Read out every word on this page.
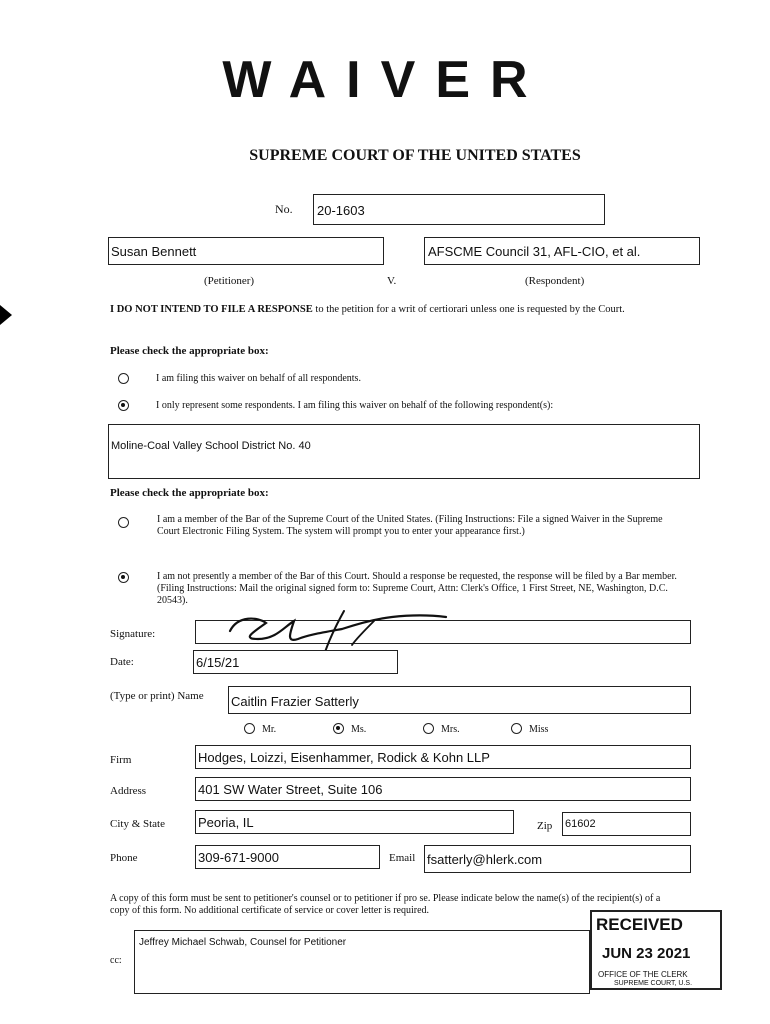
WAIVER
SUPREME COURT OF THE UNITED STATES
No. 20-1603
Susan Bennett	AFSCME Council 31, AFL-CIO, et al.
(Petitioner)	V.	(Respondent)
I DO NOT INTEND TO FILE A RESPONSE to the petition for a writ of certiorari unless one is requested by the Court.
Please check the appropriate box:
I am filing this waiver on behalf of all respondents.
I only represent some respondents. I am filing this waiver on behalf of the following respondent(s):
Moline-Coal Valley School District No. 40
Please check the appropriate box:
I am a member of the Bar of the Supreme Court of the United States. (Filing Instructions: File a signed Waiver in the Supreme Court Electronic Filing System. The system will prompt you to enter your appearance first.)
I am not presently a member of the Bar of this Court. Should a response be requested, the response will be filed by a Bar member. (Filing Instructions: Mail the original signed form to: Supreme Court, Attn: Clerk's Office, 1 First Street, NE, Washington, D.C. 20543).
Signature:
Date:	6/15/21
(Type or print) Name Caitlin Frazier Satterly
Mr.	Ms.	Mrs.	Miss
Firm	Hodges, Loizzi, Eisenhammer, Rodick & Kohn LLP
Address	401 SW Water Street, Suite 106
City & State	Peoria, IL	Zip 61602
Phone	309-671-9000	Email fsatterly@hlerk.com
A copy of this form must be sent to petitioner's counsel or to petitioner if pro se. Please indicate below the name(s) of the recipient(s) of a copy of this form. No additional certificate of service or cover letter is required.
cc:
Jeffrey Michael Schwab, Counsel for Petitioner
RECEIVED
JUN 23 2021
OFFICE OF THE CLERK
SUPREME COURT, U.S.
